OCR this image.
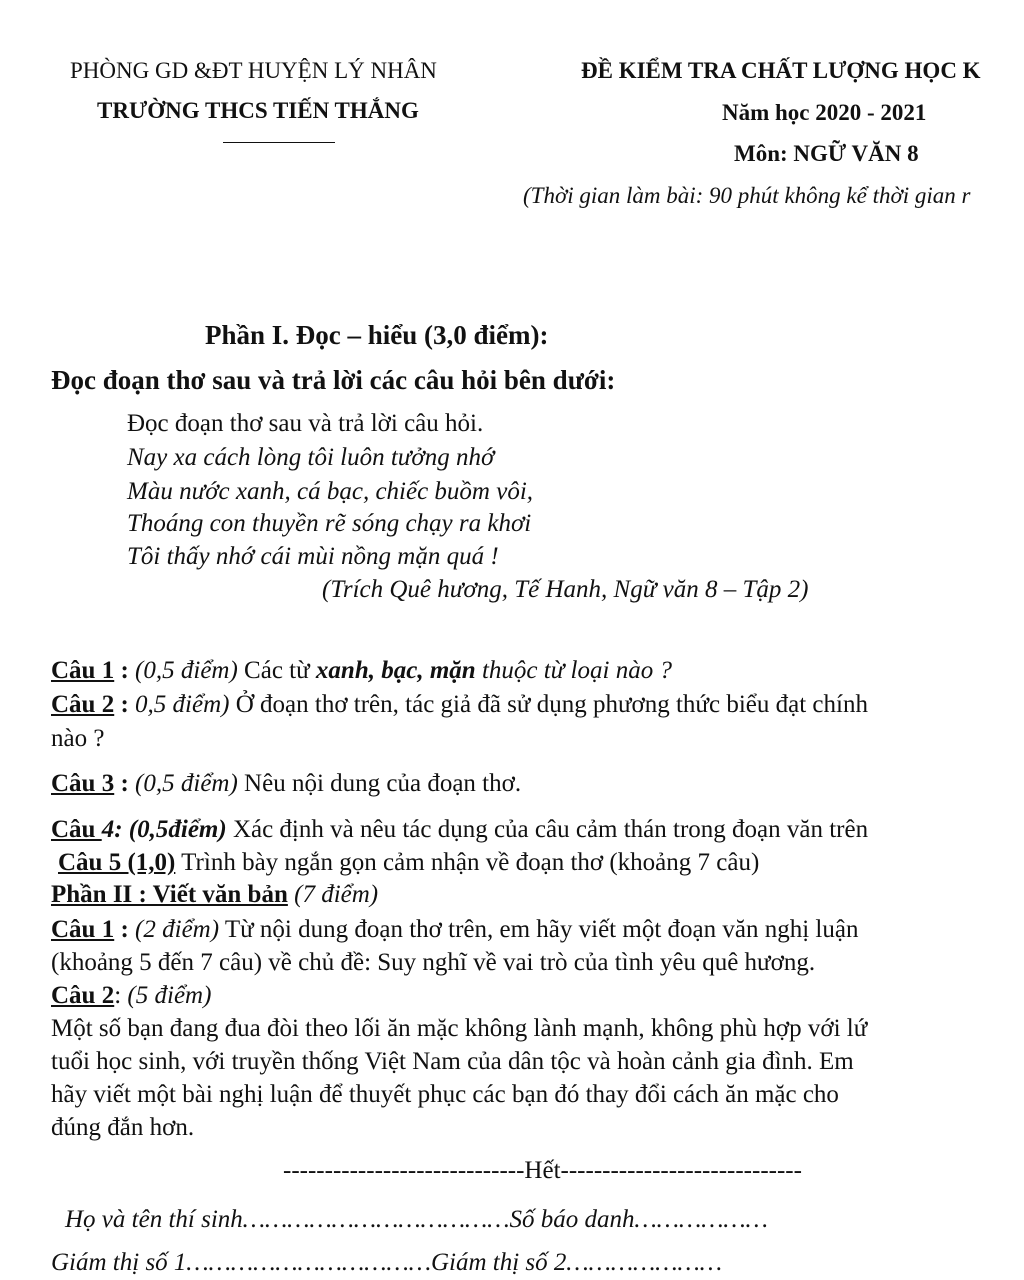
PHÒNG GD &ĐT HUYỆN LÝ NHÂN
TRƯỜNG THCS TIẾN THẮNG
ĐỀ KIỂM TRA CHẤT LƯỢNG HỌC K
Năm học 2020 - 2021
Môn: NGỮ VĂN 8
(Thời gian làm bài: 90 phút không kể thời gian r
Phần I. Đọc – hiểu (3,0 điểm):
Đọc đoạn thơ sau và trả lời các câu hỏi bên dưới:
Đọc đoạn thơ sau và trả lời câu hỏi.
Nay xa cách lòng tôi luôn tưởng nhớ
Màu nước xanh, cá bạc, chiếc buồm vôi,
Thoáng con thuyền rẽ sóng chạy ra khơi
Tôi thấy nhớ cái mùi nồng mặn quá !
(Trích Quê hương, Tế Hanh, Ngữ văn 8 – Tập 2)
Câu 1 : (0,5 điểm) Các từ xanh, bạc, mặn thuộc từ loại nào ?
Câu 2 : 0,5 điểm) Ở đoạn thơ trên, tác giả đã sử dụng phương thức biểu đạt chính
nào ?
Câu 3 : (0,5 điểm) Nêu nội dung của đoạn thơ.
Câu 4: (0,5điểm) Xác định và nêu tác dụng của câu cảm thán trong đoạn văn trên
Câu 5 (1,0) Trình bày ngắn gọn cảm nhận về đoạn thơ (khoảng 7 câu)
Phần II : Viết văn bản (7 điểm)
Câu 1 : (2 điểm) Từ nội dung đoạn thơ trên, em hãy viết một đoạn văn nghị luận
(khoảng 5 đến 7 câu) về chủ đề: Suy nghĩ về vai trò của tình yêu quê hương.
Câu 2: (5 điểm)
Một số bạn đang đua đòi theo lối ăn mặc không lành mạnh, không phù hợp với lứ
tuổi học sinh, với truyền thống Việt Nam của dân tộc và hoàn cảnh gia đình. Em
hãy viết một bài nghị luận để thuyết phục các bạn đó thay đổi cách ăn mặc cho
đúng đắn hơn.
-----------------------------Hết-----------------------------
Họ và tên thí sinh………………………………Số báo danh………………
Giám thị số 1……………………………Giám thị số 2…………………
